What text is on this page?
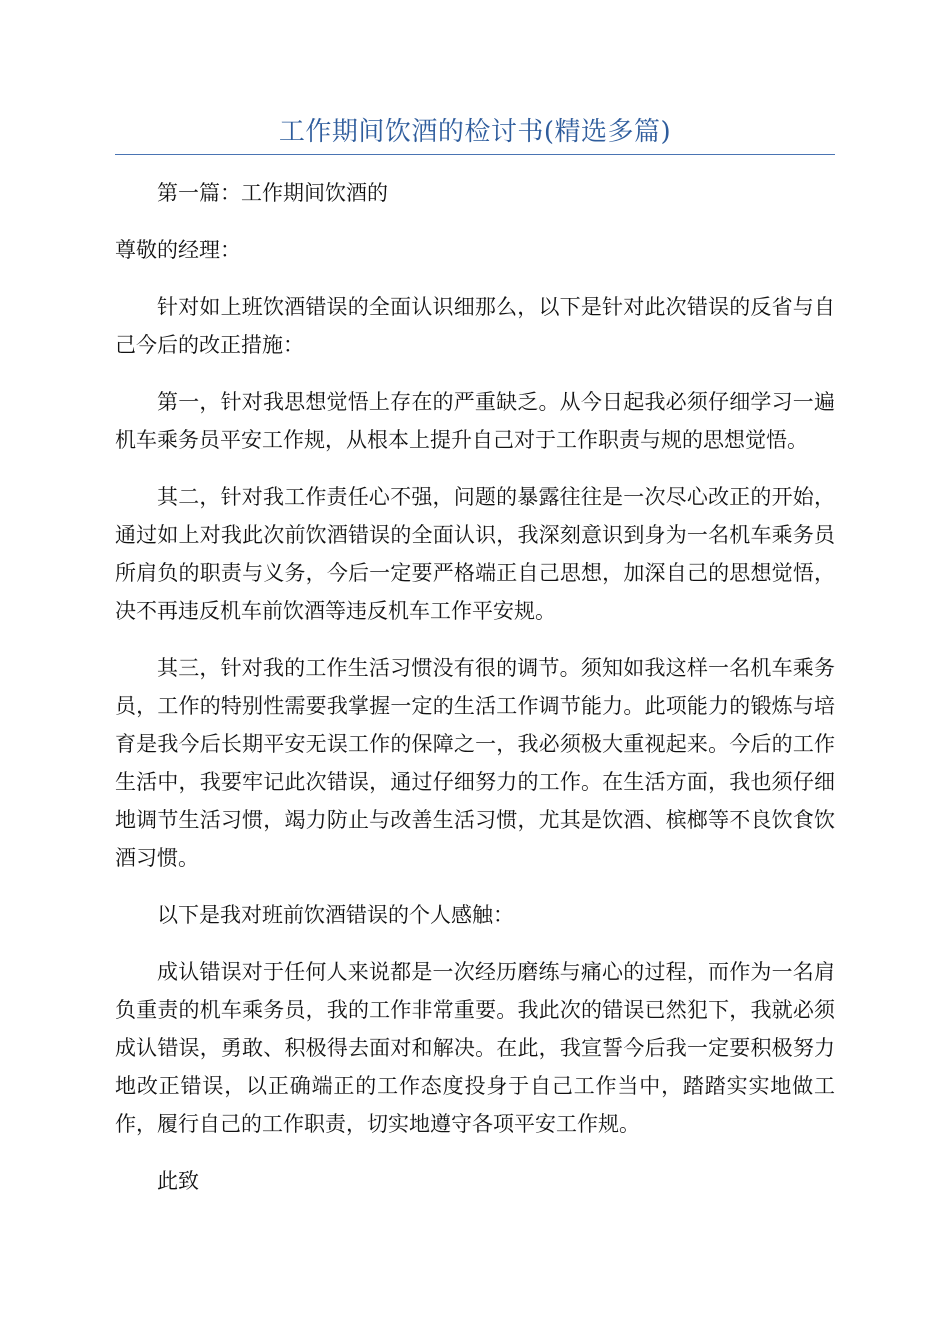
工作期间饮酒的检讨书(精选多篇)

第一篇：工作期间饮酒的

尊敬的经理：

针对如上班饮酒错误的全面认识细那么，以下是针对此次错误的反省与自己今后的改正措施：

第一，针对我思想觉悟上存在的严重缺乏。从今日起我必须仔细学习一遍机车乘务员平安工作规，从根本上提升自己对于工作职责与规的思想觉悟。

其二，针对我工作责任心不强，问题的暴露往往是一次尽心改正的开始，通过如上对我此次前饮酒错误的全面认识，我深刻意识到身为一名机车乘务员所肩负的职责与义务，今后一定要严格端正自己思想，加深自己的思想觉悟，决不再违反机车前饮酒等违反机车工作平安规。

其三，针对我的工作生活习惯没有很的调节。须知如我这样一名机车乘务员，工作的特别性需要我掌握一定的生活工作调节能力。此项能力的锻炼与培育是我今后长期平安无误工作的保障之一，我必须极大重视起来。今后的工作生活中，我要牢记此次错误，通过仔细努力的工作。在生活方面，我也须仔细地调节生活习惯，竭力防止与改善生活习惯，尤其是饮酒、槟榔等不良饮食饮酒习惯。

以下是我对班前饮酒错误的个人感触：

成认错误对于任何人来说都是一次经历磨练与痛心的过程，而作为一名肩负重责的机车乘务员，我的工作非常重要。我此次的错误已然犯下，我就必须成认错误，勇敢、积极得去面对和解决。在此，我宣誓今后我一定要积极努力地改正错误，以正确端正的工作态度投身于自己工作当中，踏踏实实地做工作，履行自己的工作职责，切实地遵守各项平安工作规。

此致
